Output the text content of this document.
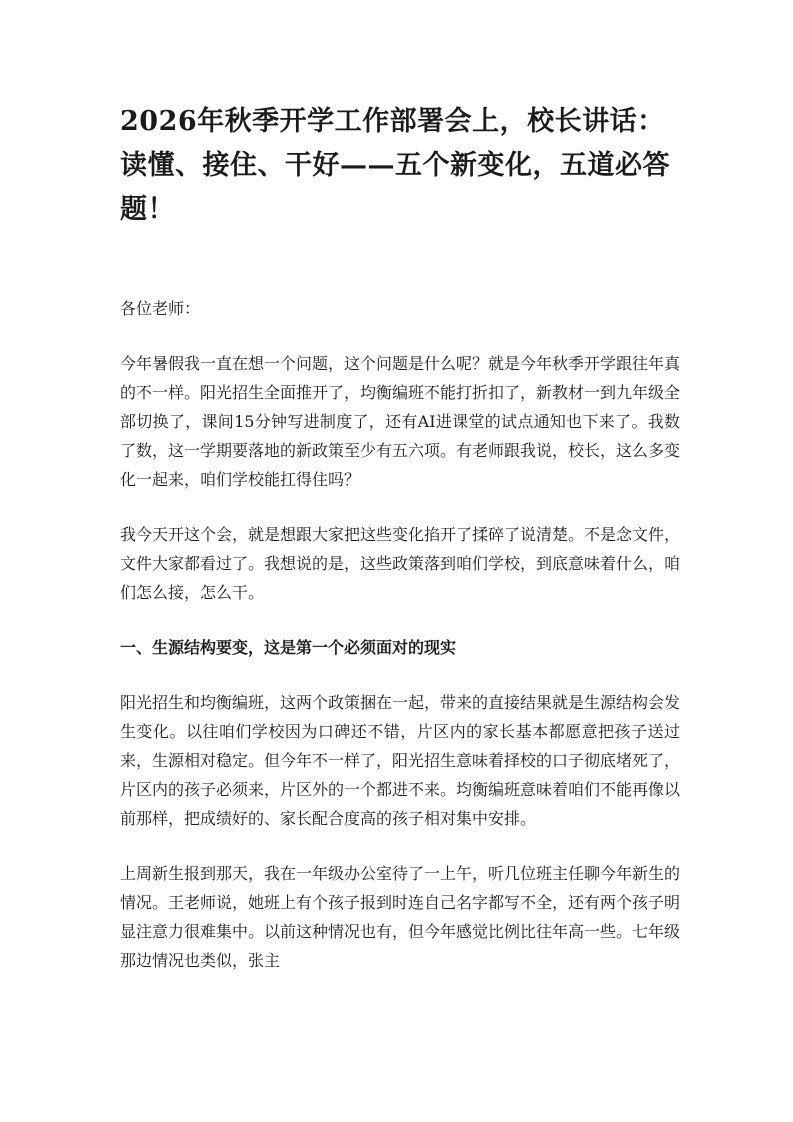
2026年秋季开学工作部署会上，校长讲话：读懂、接住、干好——五个新变化，五道必答题！

各位老师：

今年暑假我一直在想一个问题，这个问题是什么呢？就是今年秋季开学跟往年真的不一样。阳光招生全面推开了，均衡编班不能打折扣了，新教材一到九年级全部切换了，课间15分钟写进制度了，还有AI进课堂的试点通知也下来了。我数了数，这一学期要落地的新政策至少有五六项。有老师跟我说，校长，这么多变化一起来，咱们学校能扛得住吗？

我今天开这个会，就是想跟大家把这些变化掐开了揉碎了说清楚。不是念文件，文件大家都看过了。我想说的是，这些政策落到咱们学校，到底意味着什么，咱们怎么接，怎么干。

一、生源结构要变，这是第一个必须面对的现实

阳光招生和均衡编班，这两个政策捆在一起，带来的直接结果就是生源结构会发生变化。以往咱们学校因为口碑还不错，片区内的家长基本都愿意把孩子送过来，生源相对稳定。但今年不一样了，阳光招生意味着择校的口子彻底堵死了，片区内的孩子必须来，片区外的一个都进不来。均衡编班意味着咱们不能再像以前那样，把成绩好的、家长配合度高的孩子相对集中安排。

上周新生报到那天，我在一年级办公室待了一上午，听几位班主任聊今年新生的情况。王老师说，她班上有个孩子报到时连自己名字都写不全，还有两个孩子明显注意力很难集中。以前这种情况也有，但今年感觉比例比往年高一些。七年级那边情况也类似，张主
